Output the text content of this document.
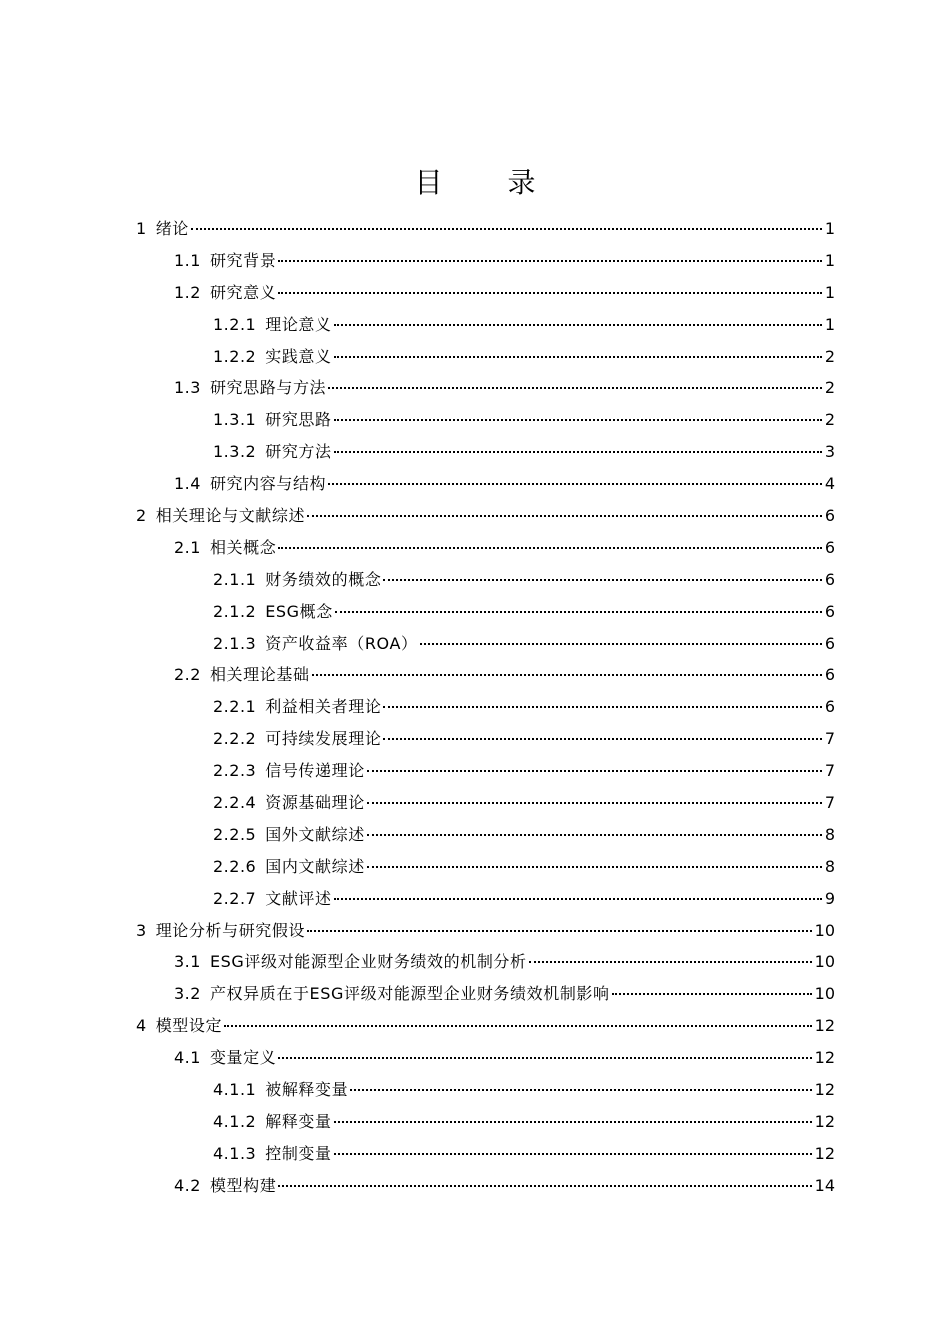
目 录
1 绪论	1
1.1 研究背景	1
1.2 研究意义	1
1.2.1 理论意义	1
1.2.2 实践意义	2
1.3 研究思路与方法	2
1.3.1 研究思路	2
1.3.2 研究方法	3
1.4 研究内容与结构	4
2 相关理论与文献综述	6
2.1 相关概念	6
2.1.1 财务绩效的概念	6
2.1.2 ESG概念	6
2.1.3 资产收益率（ROA）	6
2.2 相关理论基础	6
2.2.1 利益相关者理论	6
2.2.2 可持续发展理论	7
2.2.3 信号传递理论	7
2.2.4 资源基础理论	7
2.2.5 国外文献综述	8
2.2.6 国内文献综述	8
2.2.7 文献评述	9
3 理论分析与研究假设	10
3.1 ESG评级对能源型企业财务绩效的机制分析	10
3.2 产权异质在于ESG评级对能源型企业财务绩效机制影响	10
4 模型设定	12
4.1 变量定义	12
4.1.1 被解释变量	12
4.1.2 解释变量	12
4.1.3 控制变量	12
4.2 模型构建	14
